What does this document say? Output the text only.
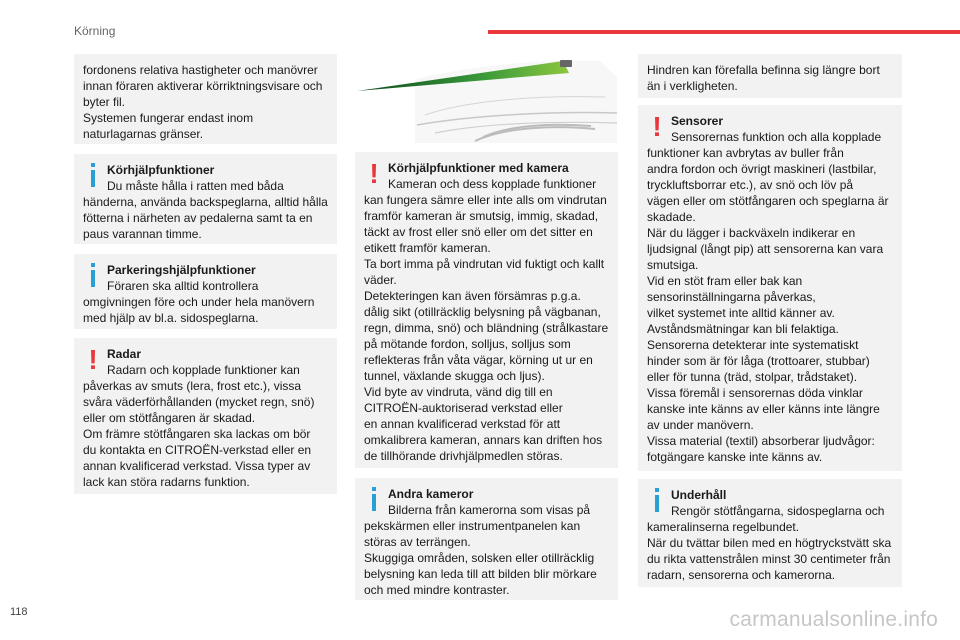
Körning

fordonens relativa hastigheter och manövrer

innan föraren aktiverar körriktningsvisare och

byter fil.

Systemen fungerar endast inom

naturlagarnas gränser.

Körhjälpfunktioner
Du måste hålla i ratten med båda

händerna, använda backspeglarna, alltid hålla

fötterna i närheten av pedalerna samt ta en

paus varannan timme.

Parkeringshjälpfunktioner
Föraren ska alltid kontrollera

omgivningen före och under hela manövern

med hjälp av bl.a. sidospeglarna.

! Radar
Radarn och kopplade funktioner kan

påverkas av smuts (lera, frost etc.), vissa

svåra väderförhållanden (mycket regn, snö)

eller om stötfångaren är skadad.

Om främre stötfångaren ska lackas om bör

du kontakta en CITROËN-verkstad eller en

annan kvalificerad verkstad. Vissa typer av

lack kan störa radarns funktion.

! Körhjälpfunktioner med kamera
Kameran och dess kopplade funktioner

kan fungera sämre eller inte alls om vindrutan

framför kameran är smutsig, immig, skadad,

täckt av frost eller snö eller om det sitter en

etikett framför kameran.

Ta bort imma på vindrutan vid fuktigt och kallt

väder.

Detekteringen kan även försämras p.g.a.

dålig sikt (otillräcklig belysning på vägbanan,

regn, dimma, snö) och bländning (strålkastare

på mötande fordon, solljus, solljus som

reflekteras från våta vägar, körning ut ur en

tunnel, växlande skugga och ljus).

Vid byte av vindruta, vänd dig till en

CITROËN-auktoriserad verkstad eller

en annan kvalificerad verkstad för att

omkalibrera kameran, annars kan driften hos

de tillhörande drivhjälpmedlen störas.

Andra kameror
Bilderna från kamerorna som visas på

pekskärmen eller instrumentpanelen kan

störas av terrängen.

Skuggiga områden, solsken eller otillräcklig

belysning kan leda till att bilden blir mörkare

och med mindre kontraster.

Hindren kan förefalla befinna sig längre bort

än i verkligheten.

! Sensorer
Sensorernas funktion och alla kopplade

funktioner kan avbrytas av buller från

andra fordon och övrigt maskineri (lastbilar,

tryckluftsborrar etc.), av snö och löv på

vägen eller om stötfångaren och speglarna är

skadade.

När du lägger i backväxeln indikerar en

ljudsignal (långt pip) att sensorerna kan vara

smutsiga.

Vid en stöt fram eller bak kan

sensorinställningarna påverkas,

vilket systemet inte alltid känner av.

Avståndsmätningar kan bli felaktiga.

Sensorerna detekterar inte systematiskt

hinder som är för låga (trottoarer, stubbar)

eller för tunna (träd, stolpar, trådstaket).

Vissa föremål i sensorernas döda vinklar

kanske inte känns av eller känns inte längre

av under manövern.

Vissa material (textil) absorberar ljudvågor:

fotgängare kanske inte känns av.

Underhåll
Rengör stötfångarna, sidospeglarna och

kameralinserna regelbundet.

När du tvättar bilen med en högtryckstvätt ska

du rikta vattenstrålen minst 30 centimeter från

radarn, sensorerna och kamerorna.

118	carmanualsonline.info
